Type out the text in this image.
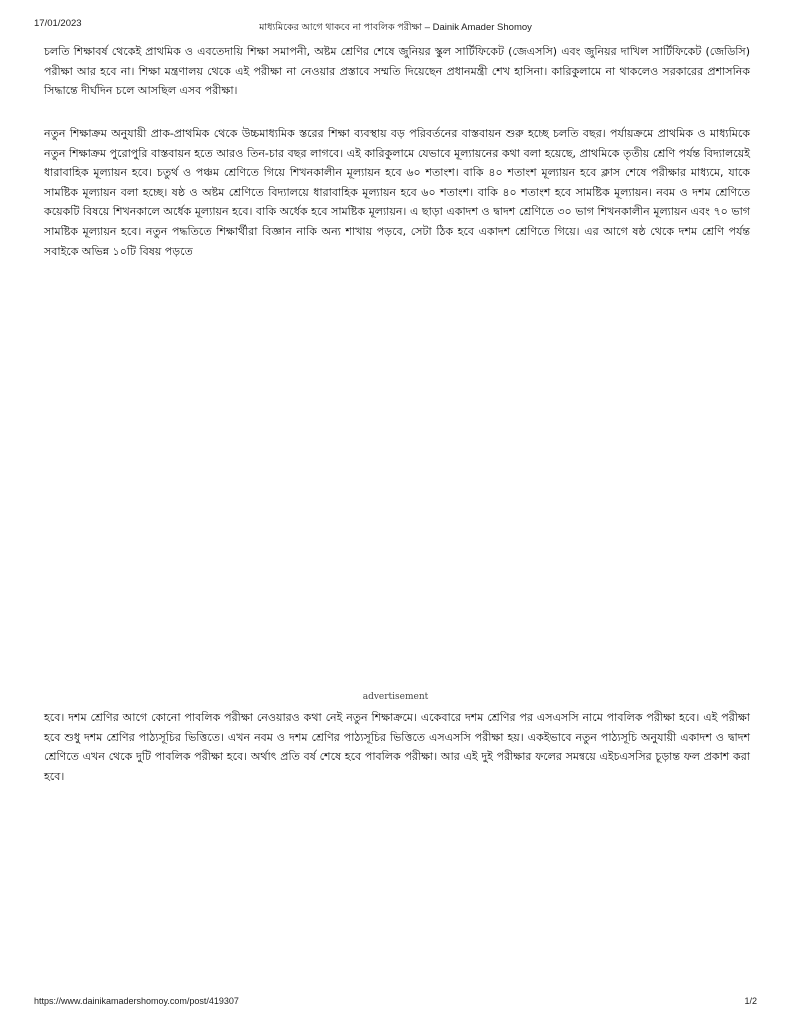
17/01/2023	মাধ্যমিকের আগে থাকবে না পাবলিক পরীক্ষা – Dainik Amader Shomoy

চলতি শিক্ষাবর্ষ থেকেই প্রাথমিক ও এবতেদায়ি শিক্ষা সমাপনী, অষ্টম শ্রেণির শেষে জুনিয়র স্কুল সার্টিফিকেট (জেএসসি) এবং জুনিয়র দাখিল সার্টিফিকেট (জেডিসি) পরীক্ষা আর হবে না। শিক্ষা মন্ত্রণালয় থেকে এই পরীক্ষা না নেওয়ার প্রস্তাবে সম্মতি দিয়েছেন প্রধানমন্ত্রী শেখ হাসিনা। কারিকুলামে না থাকলেও সরকারের প্রশাসনিক সিদ্ধান্তে দীর্ঘদিন চলে আসছিল এসব পরীক্ষা।

নতুন শিক্ষাক্রম অনুযায়ী প্রাক-প্রাথমিক থেকে উচ্চমাধ্যমিক স্তরের শিক্ষা ব্যবস্থায় বড় পরিবর্তনের বাস্তবায়ন শুরু হচ্ছে চলতি বছর। পর্যায়ক্রমে প্রাথমিক ও মাধ্যমিকে নতুন শিক্ষাক্রম পুরোপুরি বাস্তবায়ন হতে আরও তিন-চার বছর লাগবে। এই কারিকুলামে যেভাবে মূল্যায়নের কথা বলা হয়েছে, প্রাথমিকে তৃতীয় শ্রেণি পর্যন্ত বিদ্যালয়েই ধারাবাহিক মূল্যায়ন হবে। চতুর্থ ও পঞ্চম শ্রেণিতে গিয়ে শিখনকালীন মূল্যায়ন হবে ৬০ শতাংশ। বাকি ৪০ শতাংশ মূল্যায়ন হবে ক্লাস শেষে পরীক্ষার মাধ্যমে, যাকে সামষ্টিক মূল্যায়ন বলা হচ্ছে। ষষ্ঠ ও অষ্টম শ্রেণিতে বিদ্যালয়ে ধারাবাহিক মূল্যায়ন হবে ৬০ শতাংশ। বাকি ৪০ শতাংশ হবে সামষ্টিক মূল্যায়ন। নবম ও দশম শ্রেণিতে কয়েকটি বিষয়ে শিখনকালে অর্ধেক মূল্যায়ন হবে। বাকি অর্ধেক হবে সামষ্টিক মূল্যায়ন। এ ছাড়া একাদশ ও দ্বাদশ শ্রেণিতে ৩০ ভাগ শিখনকালীন মূল্যায়ন এবং ৭০ ভাগ সামষ্টিক মূল্যায়ন হবে। নতুন পদ্ধতিতে শিক্ষার্থীরা বিজ্ঞান নাকি অন্য শাখায় পড়বে, সেটা ঠিক হবে একাদশ শ্রেণিতে গিয়ে। এর আগে ষষ্ঠ থেকে দশম শ্রেণি পর্যন্ত সবাইকে অভিন্ন ১০টি বিষয় পড়তে

advertisement

হবে। দশম শ্রেণির আগে কোনো পাবলিক পরীক্ষা নেওয়ারও কথা নেই নতুন শিক্ষাক্রমে। একেবারে দশম শ্রেণির পর এসএসসি নামে পাবলিক পরীক্ষা হবে। এই পরীক্ষা হবে শুধু দশম শ্রেণির পাঠ্যসূচির ভিত্তিতে। এখন নবম ও দশম শ্রেণির পাঠ্যসূচির ভিত্তিতে এসএসসি পরীক্ষা হয়। একইভাবে নতুন পাঠ্যসূচি অনুযায়ী একাদশ ও দ্বাদশ শ্রেণিতে এখন থেকে দুটি পাবলিক পরীক্ষা হবে। অর্থাৎ প্রতি বর্ষ শেষে হবে পাবলিক পরীক্ষা। আর এই দুই পরীক্ষার ফলের সমন্বয়ে এইচএসসির চূড়ান্ত ফল প্রকাশ করা হবে।

https://www.dainikamadershomoy.com/post/419307	1/2
